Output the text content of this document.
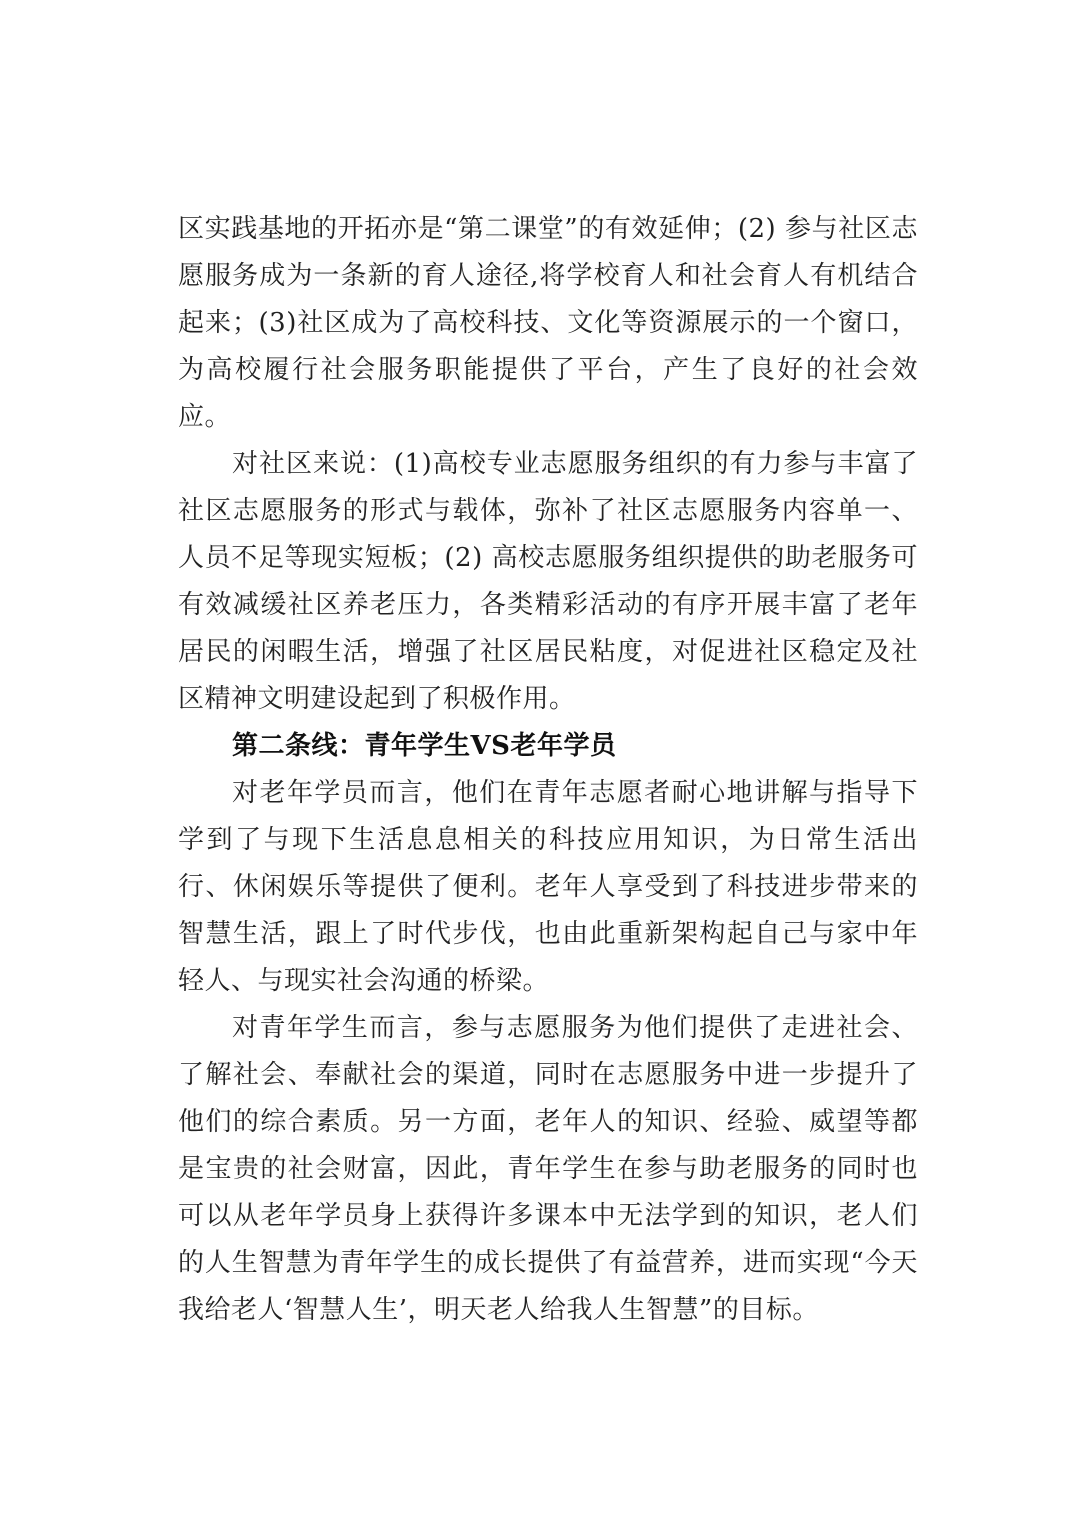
区实践基地的开拓亦是“第二课堂”的有效延伸；(2) 参与社区志愿服务成为一条新的育人途径,将学校育人和社会育人有机结合起来；(3)社区成为了高校科技、文化等资源展示的一个窗口，为高校履行社会服务职能提供了平台，产生了良好的社会效应。

对社区来说：(1)高校专业志愿服务组织的有力参与丰富了社区志愿服务的形式与载体，弥补了社区志愿服务内容单一、人员不足等现实短板；(2) 高校志愿服务组织提供的助老服务可有效减缓社区养老压力，各类精彩活动的有序开展丰富了老年居民的闲暇生活，增强了社区居民粘度，对促进社区稳定及社区精神文明建设起到了积极作用。

第二条线：青年学生VS老年学员

对老年学员而言，他们在青年志愿者耐心地讲解与指导下学到了与现下生活息息相关的科技应用知识，为日常生活出行、休闲娱乐等提供了便利。老年人享受到了科技进步带来的智慧生活，跟上了时代步伐，也由此重新架构起自己与家中年轻人、与现实社会沟通的桥梁。

对青年学生而言，参与志愿服务为他们提供了走进社会、了解社会、奉献社会的渠道，同时在志愿服务中进一步提升了他们的综合素质。另一方面，老年人的知识、经验、威望等都是宝贵的社会财富，因此，青年学生在参与助老服务的同时也可以从老年学员身上获得许多课本中无法学到的知识，老人们的人生智慧为青年学生的成长提供了有益营养，进而实现“今天我给老人‘智慧人生’，明天老人给我人生智慧”的目标。
